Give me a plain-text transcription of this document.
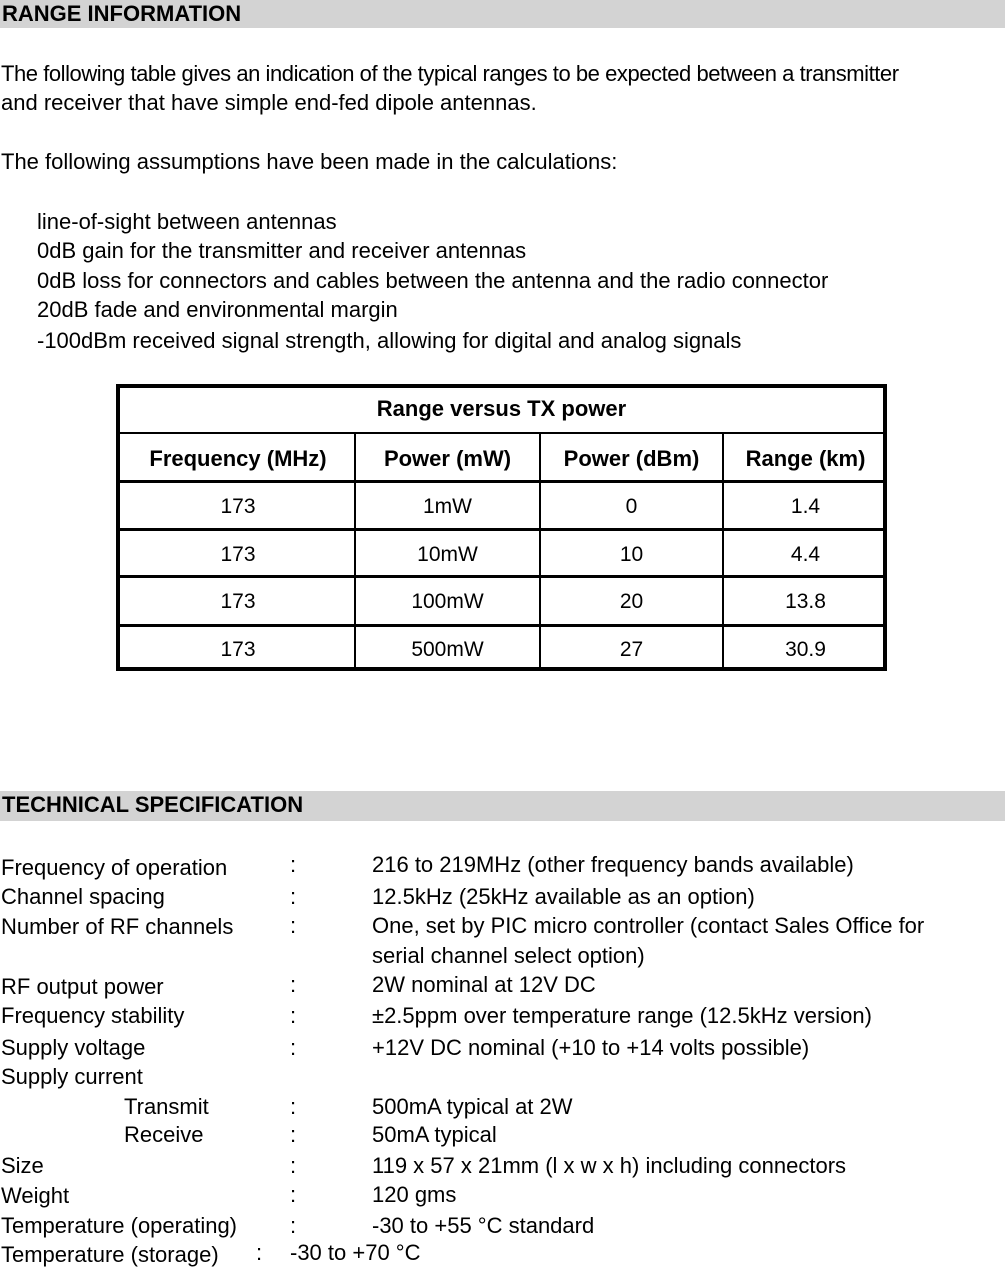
RANGE INFORMATION
The following table gives an indication of the typical ranges to be expected between a transmitter
and receiver that have simple end-fed dipole antennas.
The following assumptions have been made in the calculations:
line-of-sight between antennas
0dB gain for the transmitter and receiver antennas
0dB loss for connectors and cables between the antenna and the radio connector
20dB fade and environmental margin
-100dBm received signal strength, allowing for digital and analog signals
Range versus TX power
Frequency (MHz)	Power (mW)	Power (dBm)	Range (km)
173	1mW	0	1.4
173	10mW	10	4.4
173	100mW	20	13.8
173	500mW	27	30.9
TECHNICAL SPECIFICATION
Frequency of operation	:	216 to 219MHz (other frequency bands available)
Channel spacing	:	12.5kHz (25kHz available as an option)
Number of RF channels	:	One, set by PIC micro controller (contact Sales Office for
serial channel select option)
RF output power	:	2W nominal at 12V DC
Frequency stability	:	±2.5ppm over temperature range (12.5kHz version)
Supply voltage	:	+12V DC nominal (+10 to +14 volts possible)
Supply current
Transmit	:	500mA typical at 2W
Receive	:	50mA typical
Size	:	119 x 57 x 21mm (l x w x h) including connectors
Weight	:	120 gms
Temperature (operating) :	-30 to +55 °C standard
Temperature (storage) : -30 to +70 °C
